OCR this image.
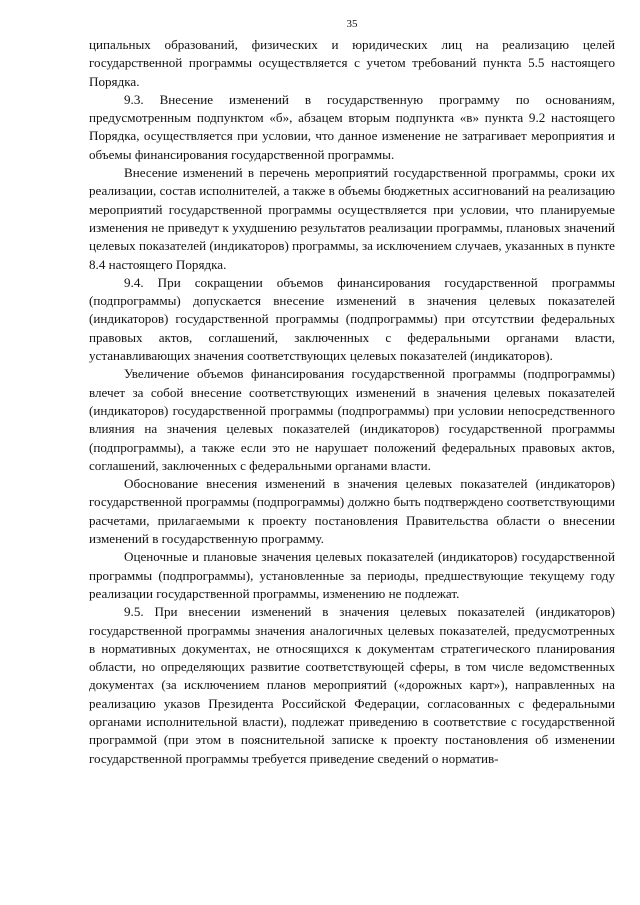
35

ципальных образований, физических и юридических лиц на реализацию целей государственной программы осуществляется с учетом требований пункта 5.5 настоящего Порядка.

9.3. Внесение изменений в государственную программу по основаниям, предусмотренным подпунктом «б», абзацем вторым подпункта «в» пункта 9.2 настоящего Порядка, осуществляется при условии, что данное изменение не затрагивает мероприятия и объемы финансирования государственной программы.

Внесение изменений в перечень мероприятий государственной программы, сроки их реализации, состав исполнителей, а также в объемы бюджетных ассигнований на реализацию мероприятий государственной программы осуществляется при условии, что планируемые изменения не приведут к ухудшению результатов реализации программы, плановых значений целевых показателей (индикаторов) программы, за исключением случаев, указанных в пункте 8.4 настоящего Порядка.

9.4. При сокращении объемов финансирования государственной программы (подпрограммы) допускается внесение изменений в значения целевых показателей (индикаторов) государственной программы (подпрограммы) при отсутствии федеральных правовых актов, соглашений, заключенных с федеральными органами власти, устанавливающих значения соответствующих целевых показателей (индикаторов).

Увеличение объемов финансирования государственной программы (подпрограммы) влечет за собой внесение соответствующих изменений в значения целевых показателей (индикаторов) государственной программы (подпрограммы) при условии непосредственного влияния на значения целевых показателей (индикаторов) государственной программы (подпрограммы), а также если это не нарушает положений федеральных правовых актов, соглашений, заключенных с федеральными органами власти.

Обоснование внесения изменений в значения целевых показателей (индикаторов) государственной программы (подпрограммы) должно быть подтверждено соответствующими расчетами, прилагаемыми к проекту постановления Правительства области о внесении изменений в государственную программу.

Оценочные и плановые значения целевых показателей (индикаторов) государственной программы (подпрограммы), установленные за периоды, предшествующие текущему году реализации государственной программы, изменению не подлежат.

9.5. При внесении изменений в значения целевых показателей (индикаторов) государственной программы значения аналогичных целевых показателей, предусмотренных в нормативных документах, не относящихся к документам стратегического планирования области, но определяющих развитие соответствующей сферы, в том числе ведомственных документах (за исключением планов мероприятий («дорожных карт»), направленных на реализацию указов Президента Российской Федерации, согласованных с федеральными органами исполнительной власти), подлежат приведению в соответствие с государственной программой (при этом в пояснительной записке к проекту постановления об изменении государственной программы требуется приведение сведений о норматив-
